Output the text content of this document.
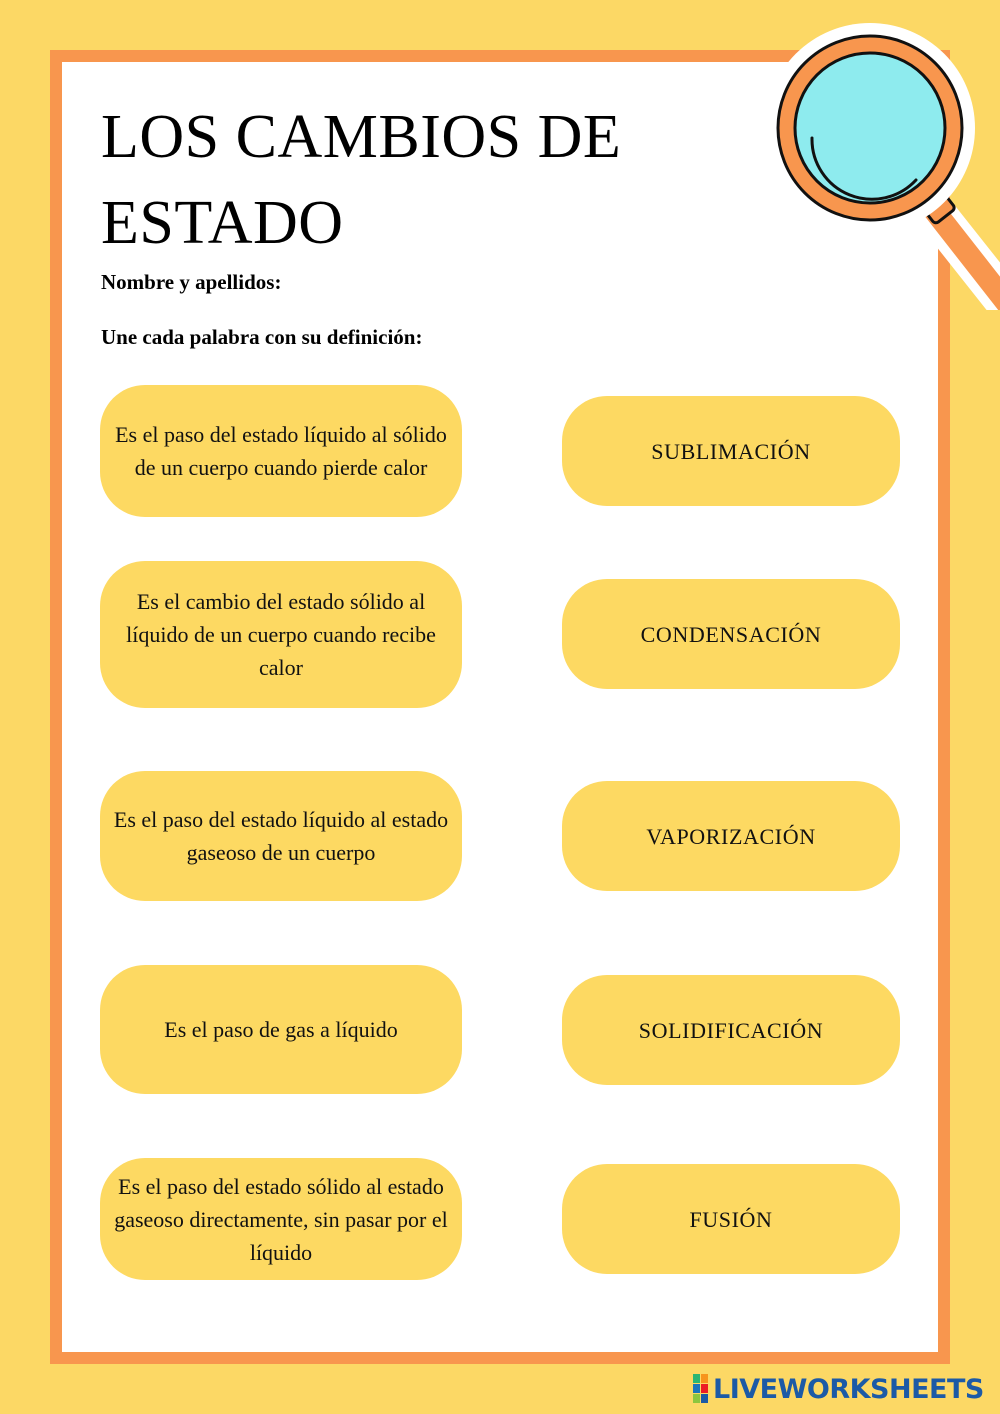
LOS CAMBIOS DE
ESTADO
Nombre y apellidos:
Une cada palabra con su definición:
Es el paso del estado líquido al sólido de un cuerpo cuando pierde calor
Es el cambio del estado sólido al líquido de un cuerpo cuando recibe calor
Es el paso del estado líquido al estado gaseoso de un cuerpo
Es el paso de gas a líquido
Es el paso del estado sólido al estado gaseoso directamente, sin pasar por el líquido
SUBLIMACIÓN
CONDENSACIÓN
VAPORIZACIÓN
SOLIDIFICACIÓN
FUSIÓN
LIVEWORKSHEETS
